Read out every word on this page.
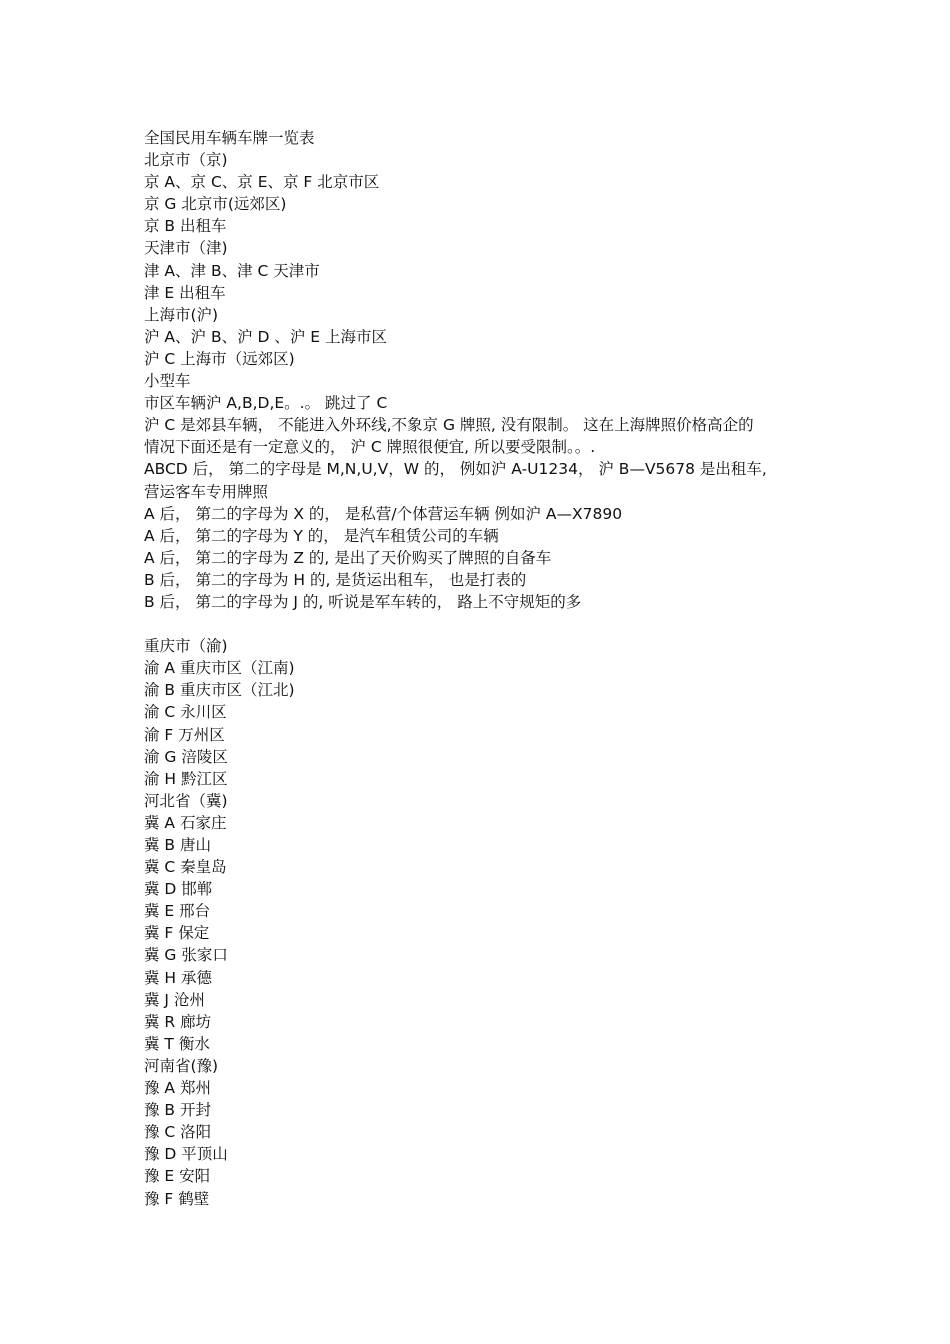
全国民用车辆车牌一览表
北京市（京)
京 A、京 C、京 E、京 F 北京市区
京 G 北京市(远郊区)
京 B 出租车
天津市（津)
津 A、津 B、津 C 天津市
津 E 出租车
上海市(沪)
沪 A、沪 B、沪 D 、沪 E 上海市区
沪 C 上海市（远郊区)
小型车
市区车辆沪 A,B,D,E。.。 跳过了 C
沪 C 是郊县车辆， 不能进入外环线,不象京 G 牌照, 没有限制。 这在上海牌照价格高企的
情况下面还是有一定意义的， 沪 C 牌照很便宜, 所以要受限制。。.
ABCD 后， 第二的字母是 M,N,U,V，W 的， 例如沪 A-U1234， 沪 B—V5678 是出租车,
营运客车专用牌照
A 后， 第二的字母为 X 的， 是私营/个体营运车辆 例如沪 A—X7890
A 后， 第二的字母为 Y 的， 是汽车租赁公司的车辆
A 后， 第二的字母为 Z 的, 是出了天价购买了牌照的自备车
B 后， 第二的字母为 H 的, 是货运出租车， 也是打表的
B 后， 第二的字母为 J 的, 听说是军车转的， 路上不守规矩的多
重庆市（渝)
渝 A 重庆市区（江南)
渝 B 重庆市区（江北)
渝 C 永川区
渝 F 万州区
渝 G 涪陵区
渝 H 黔江区
河北省（冀)
冀 A 石家庄
冀 B 唐山
冀 C 秦皇岛
冀 D 邯郸
冀 E 邢台
冀 F 保定
冀 G 张家口
冀 H 承德
冀 J 沧州
冀 R 廊坊
冀 T 衡水
河南省(豫)
豫 A 郑州
豫 B 开封
豫 C 洛阳
豫 D 平顶山
豫 E 安阳
豫 F 鹤壁
